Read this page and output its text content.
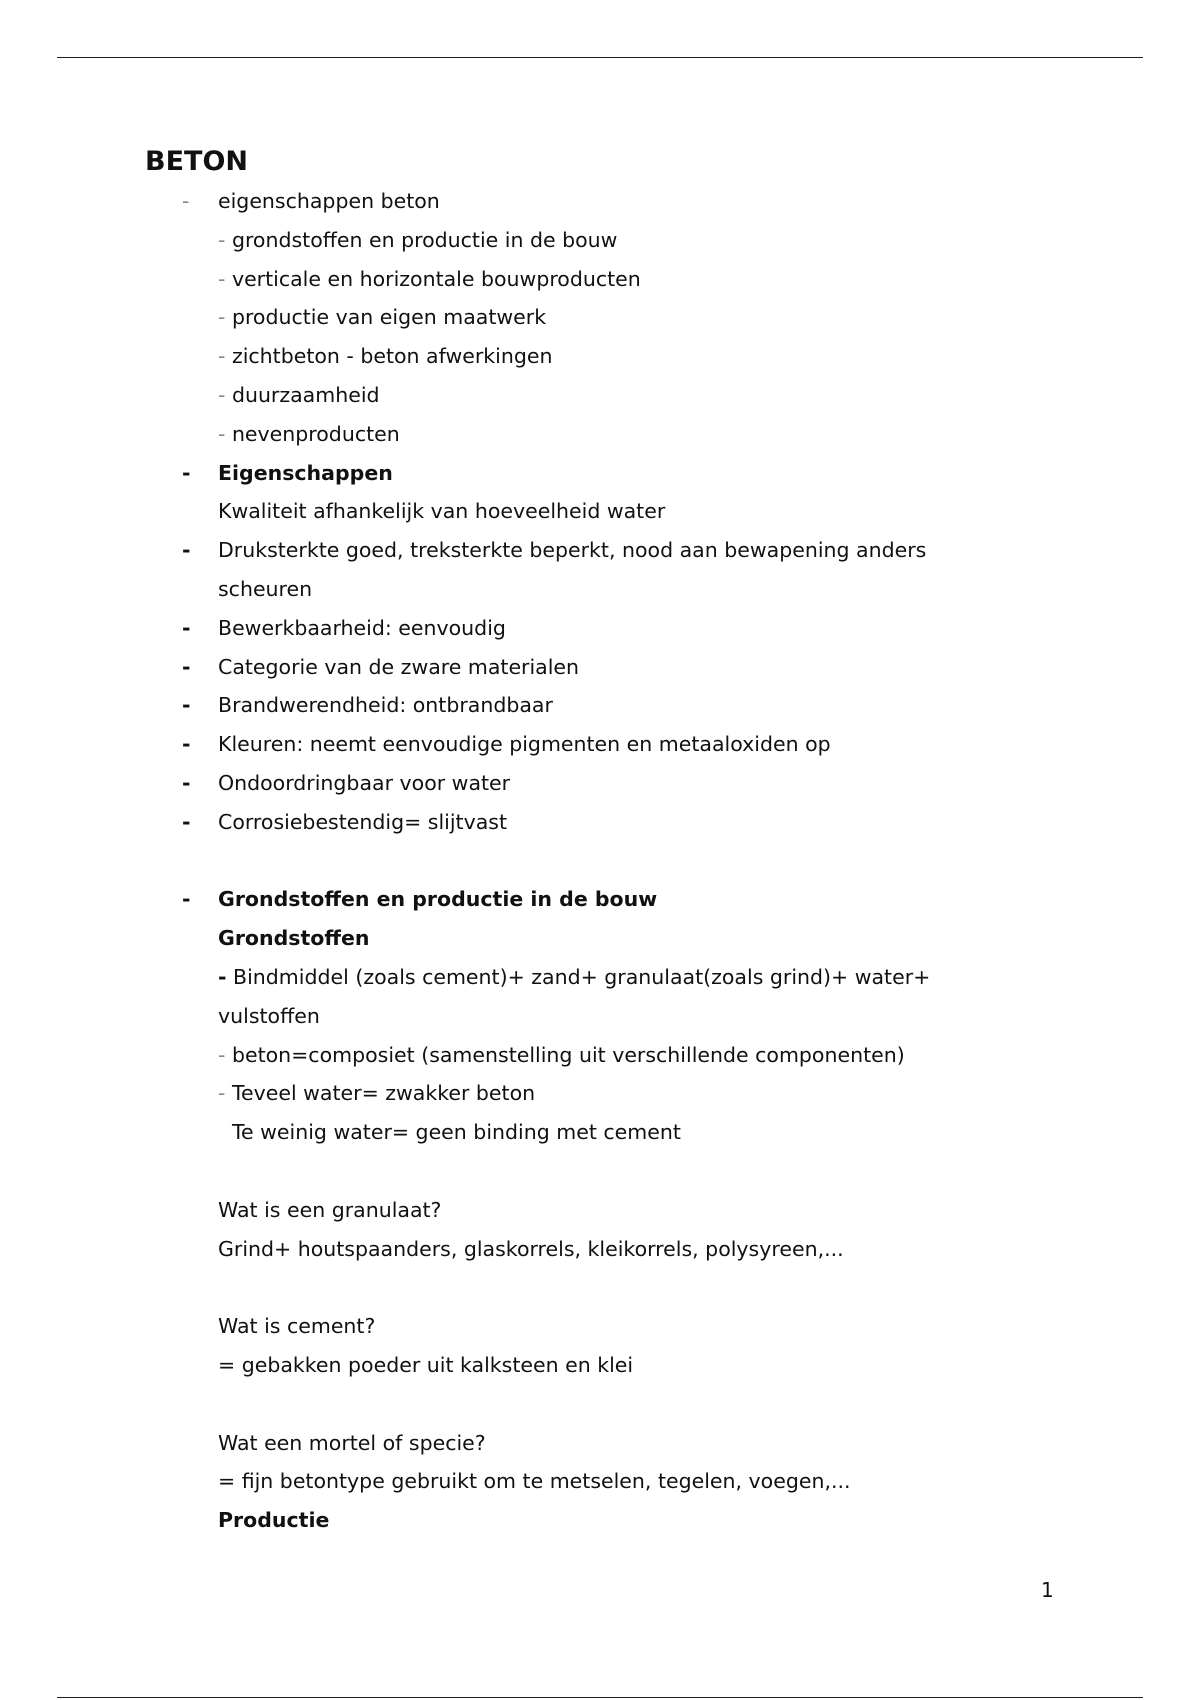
BETON
- eigenschappen beton
- grondstoffen en productie in de bouw
- verticale en horizontale bouwproducten
- productie van eigen maatwerk
- zichtbeton - beton afwerkingen
- duurzaamheid
- nevenproducten
- Eigenschappen
Kwaliteit afhankelijk van hoeveelheid water
- Druksterkte goed, treksterkte beperkt, nood aan bewapening anders
scheuren
- Bewerkbaarheid: eenvoudig
- Categorie van de zware materialen
- Brandwerendheid: ontbrandbaar
- Kleuren: neemt eenvoudige pigmenten en metaaloxiden op
- Ondoordringbaar voor water
- Corrosiebestendig= slijtvast
- Grondstoffen en productie in de bouw
Grondstoffen
- Bindmiddel (zoals cement)+ zand+ granulaat(zoals grind)+ water+
vulstoffen
- beton=composiet (samenstelling uit verschillende componenten)
- Teveel water= zwakker beton
Te weinig water= geen binding met cement
Wat is een granulaat?
Grind+ houtspaanders, glaskorrels, kleikorrels, polysyreen,...
Wat is cement?
= gebakken poeder uit kalksteen en klei
Wat een mortel of specie?
= fijn betontype gebruikt om te metselen, tegelen, voegen,...
Productie
1
